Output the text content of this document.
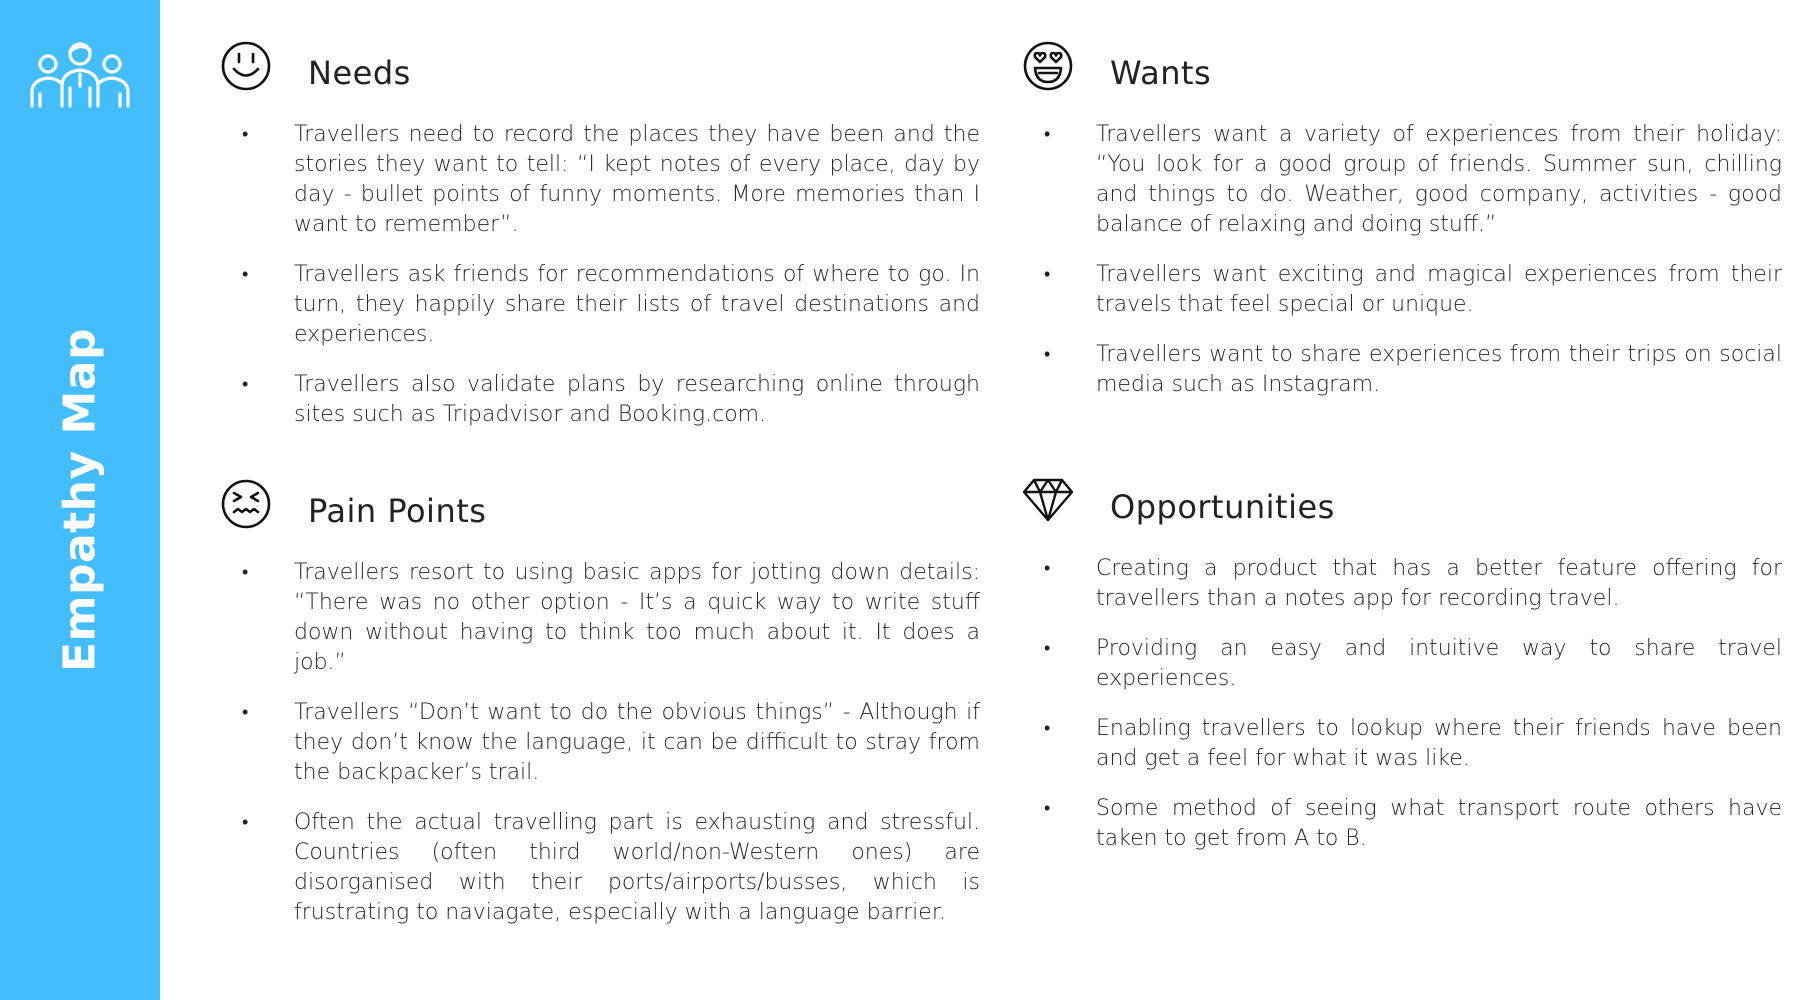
Empathy Map
Needs
• Travellers need to record the places they have been and the stories they want to tell: “I kept notes of every place, day by day - bullet points of funny moments. More memories than I want to remember”.
• Travellers ask friends for recommendations of where to go. In turn, they happily share their lists of travel destinations and experiences.
• Travellers also validate plans by researching online through sites such as Tripadvisor and Booking.com.
Wants
• Travellers want a variety of experiences from their holiday: “You look for a good group of friends. Summer sun, chilling and things to do. Weather, good company, activities - good balance of relaxing and doing stuff.”
• Travellers want exciting and magical experiences from their travels that feel special or unique.
• Travellers want to share experiences from their trips on social media such as Instagram.
Pain Points
• Travellers resort to using basic apps for jotting down details: “There was no other option - It’s a quick way to write stuff down without having to think too much about it. It does a job.”
• Travellers “Don’t want to do the obvious things” - Although if they don’t know the language, it can be difficult to stray from the backpacker’s trail.
• Often the actual travelling part is exhausting and stressful. Countries (often third world/non-Western ones) are disorganised with their ports/airports/busses, which is frustrating to naviagate, especially with a language barrier.
Opportunities
• Creating a product that has a better feature offering for travellers than a notes app for recording travel.
• Providing an easy and intuitive way to share travel experiences.
• Enabling travellers to lookup where their friends have been and get a feel for what it was like.
• Some method of seeing what transport route others have taken to get from A to B.
